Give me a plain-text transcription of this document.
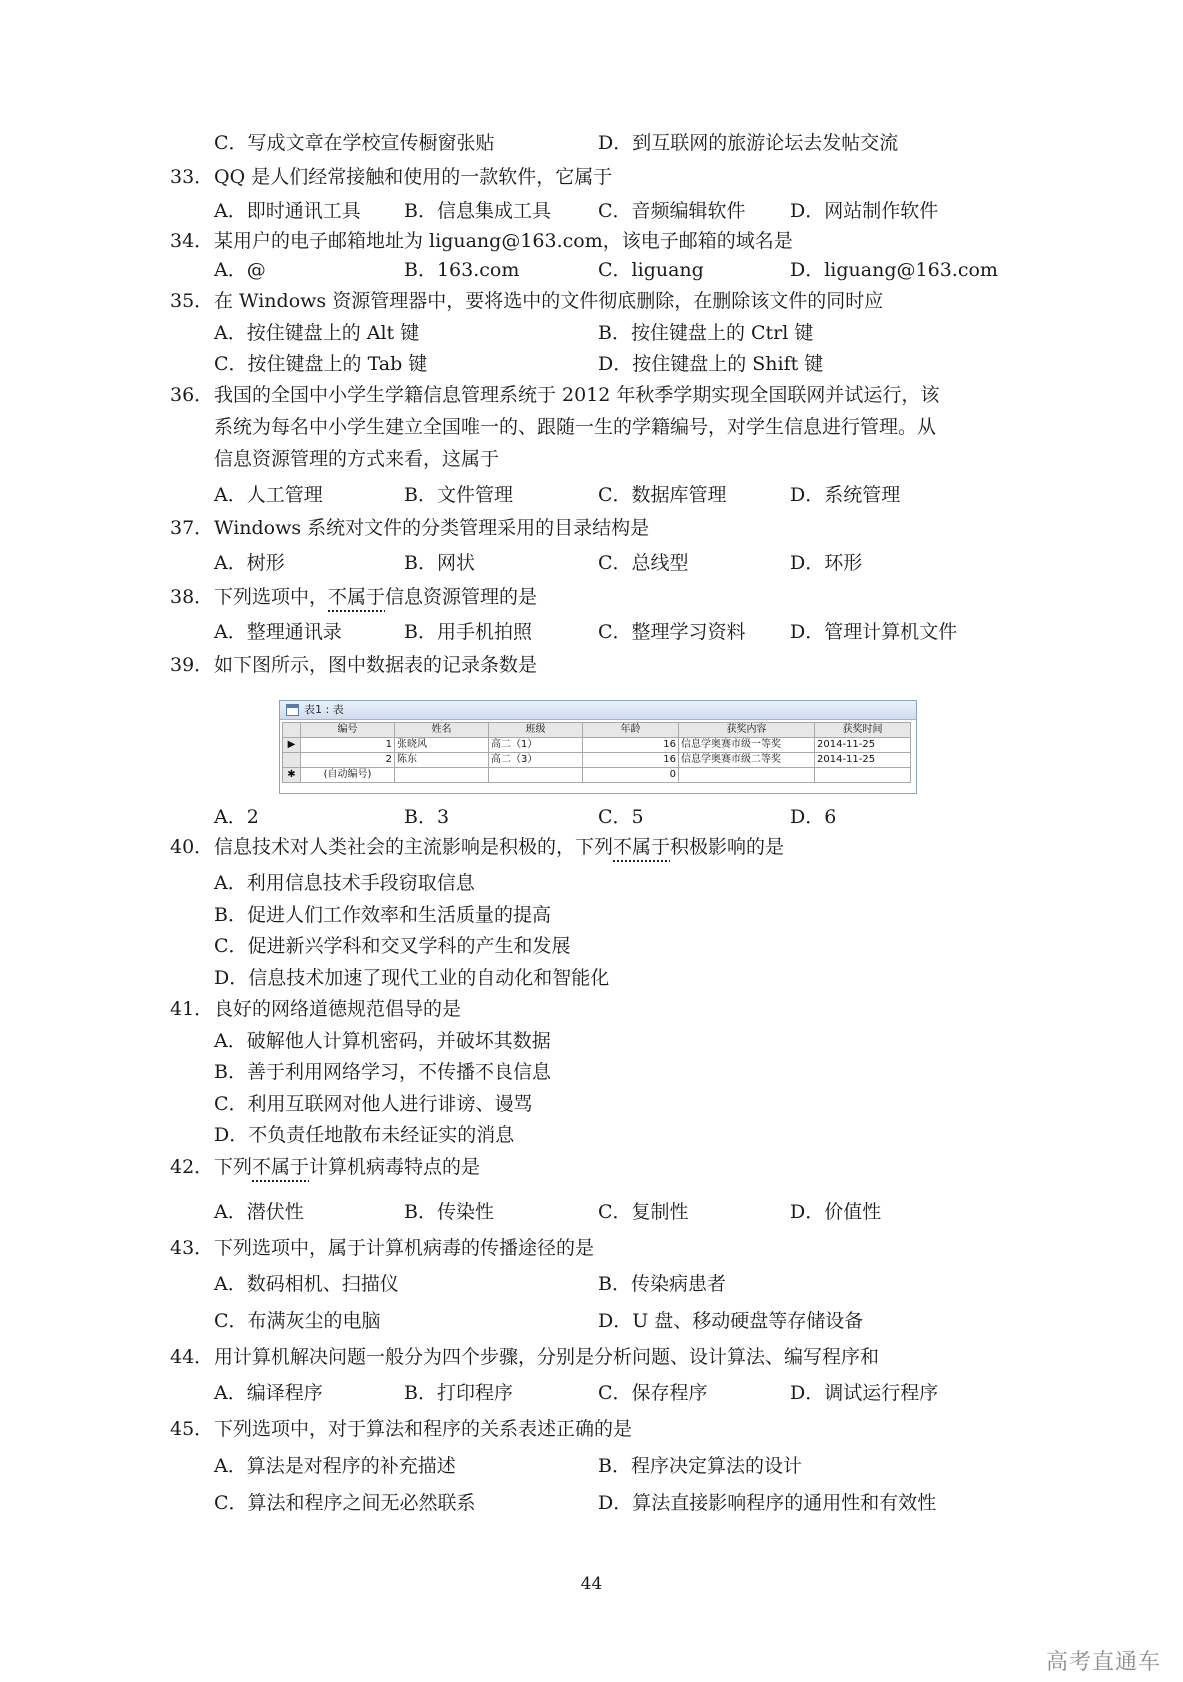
C．写成文章在学校宣传橱窗张贴	D．到互联网的旅游论坛去发帖交流
33． QQ 是人们经常接触和使用的一款软件，它属于
A．即时通讯工具 B．信息集成工具 C．音频编辑软件 D．网站制作软件
34． 某用户的电子邮箱地址为 liguang@163.com，该电子邮箱的域名是
A．@	B．163.com	C．liguang	D．liguang@163.com
35． 在 Windows 资源管理器中，要将选中的文件彻底删除，在删除该文件的同时应
A．按住键盘上的 Alt 键	B．按住键盘上的 Ctrl 键
C．按住键盘上的 Tab 键	D．按住键盘上的 Shift 键
36． 我国的全国中小学生学籍信息管理系统于 2012 年秋季学期实现全国联网并试运行，该
系统为每名中小学生建立全国唯一的、跟随一生的学籍编号，对学生信息进行管理。从
信息资源管理的方式来看，这属于
A．人工管理	B．文件管理	C．数据库管理	D．系统管理
37． Windows 系统对文件的分类管理采用的目录结构是
A．树形	B．网状	C．总线型	D．环形
38． 下列选项中，不属于信息资源管理的是
A．整理通讯录	B．用手机拍照	C．整理学习资料 D．管理计算机文件
39． 如下图所示，图中数据表的记录条数是
表1 : 表
	编号	姓名	班级	年龄	获奖内容	获奖时间
▶	1	张晓风	高二（1）	16	信息学奥赛市级一等奖	2014-11-25
	2	陈东	高二（3）	16	信息学奥赛市级二等奖	2014-11-25
✱	(自动编号)			0		
A．2	B．3	C．5	D．6
40． 信息技术对人类社会的主流影响是积极的，下列不属于积极影响的是
A．利用信息技术手段窃取信息
B．促进人们工作效率和生活质量的提高
C．促进新兴学科和交叉学科的产生和发展
D．信息技术加速了现代工业的自动化和智能化
41． 良好的网络道德规范倡导的是
A．破解他人计算机密码，并破坏其数据
B．善于利用网络学习，不传播不良信息
C．利用互联网对他人进行诽谤、谩骂
D．不负责任地散布未经证实的消息
42． 下列不属于计算机病毒特点的是
A．潜伏性	B．传染性	C．复制性	D．价值性
43． 下列选项中，属于计算机病毒的传播途径的是
A．数码相机、扫描仪	B．传染病患者
C．布满灰尘的电脑	D．U 盘、移动硬盘等存储设备
44． 用计算机解决问题一般分为四个步骤，分别是分析问题、设计算法、编写程序和
A．编译程序	B．打印程序	C．保存程序	D．调试运行程序
45． 下列选项中，对于算法和程序的关系表述正确的是
A．算法是对程序的补充描述	B．程序决定算法的设计
C．算法和程序之间无必然联系	D．算法直接影响程序的通用性和有效性
44
高考直通车
